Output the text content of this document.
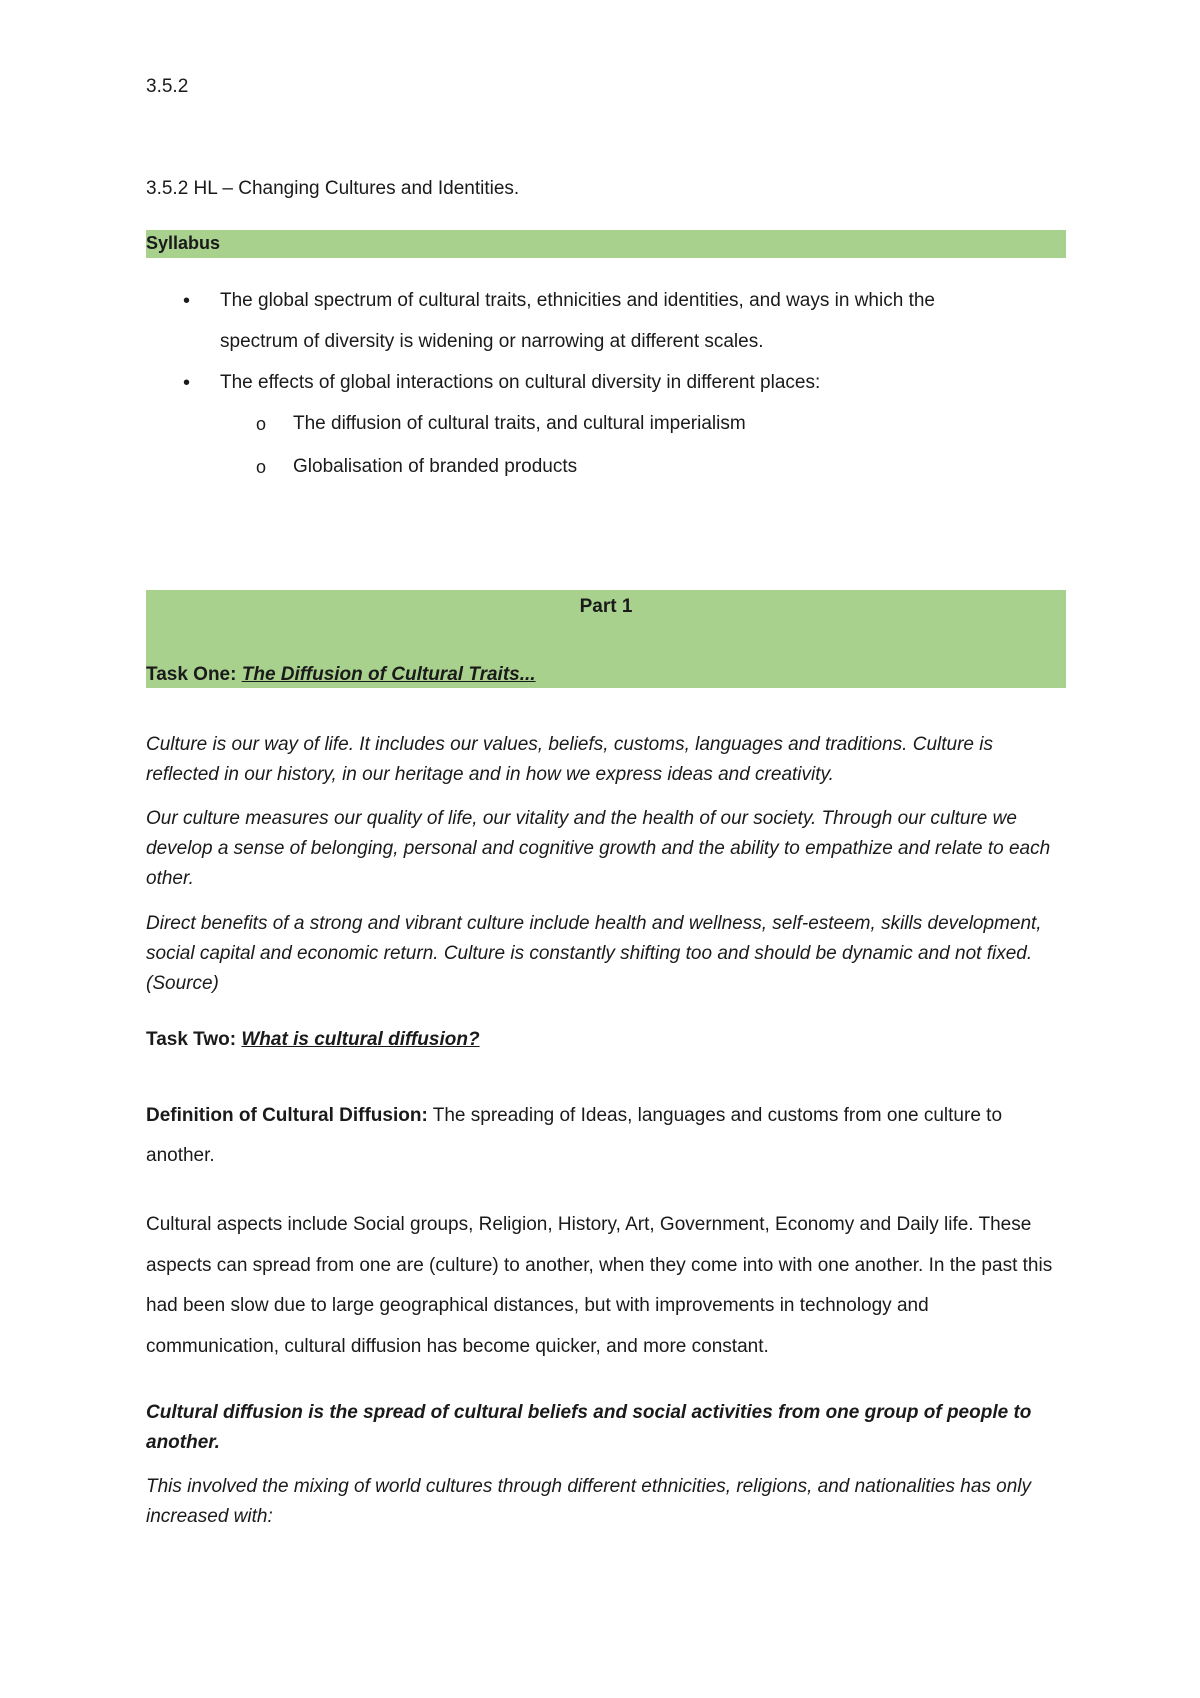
3.5.2

3.5.2 HL – Changing Cultures and Identities.

Syllabus
• The global spectrum of cultural traits, ethnicities and identities, and ways in which the

spectrum of diversity is widening or narrowing at different scales.

• The effects of global interactions on cultural diversity in different places:

o The diffusion of cultural traits, and cultural imperialism

o Globalisation of branded products

Part 1
Task One: The Diffusion of Cultural Traits...

Culture is our way of life. It includes our values, beliefs, customs, languages and traditions. Culture is reflected in our history, in our heritage and in how we express ideas and creativity.

Our culture measures our quality of life, our vitality and the health of our society. Through our culture we develop a sense of belonging, personal and cognitive growth and the ability to empathize and relate to each other.

Direct benefits of a strong and vibrant culture include health and wellness, self-esteem, skills development, social capital and economic return. Culture is constantly shifting too and should be dynamic and not fixed. (Source)

Task Two: What is cultural diffusion?

Definition of Cultural Diffusion: The spreading of Ideas, languages and customs from one culture to another.

Cultural aspects include Social groups, Religion, History, Art, Government, Economy and Daily life. These aspects can spread from one are (culture) to another, when they come into with one another. In the past this had been slow due to large geographical distances, but with improvements in technology and communication, cultural diffusion has become quicker, and more constant.

Cultural diffusion is the spread of cultural beliefs and social activities from one group of people to another.

This involved the mixing of world cultures through different ethnicities, religions, and nationalities has only increased with:
